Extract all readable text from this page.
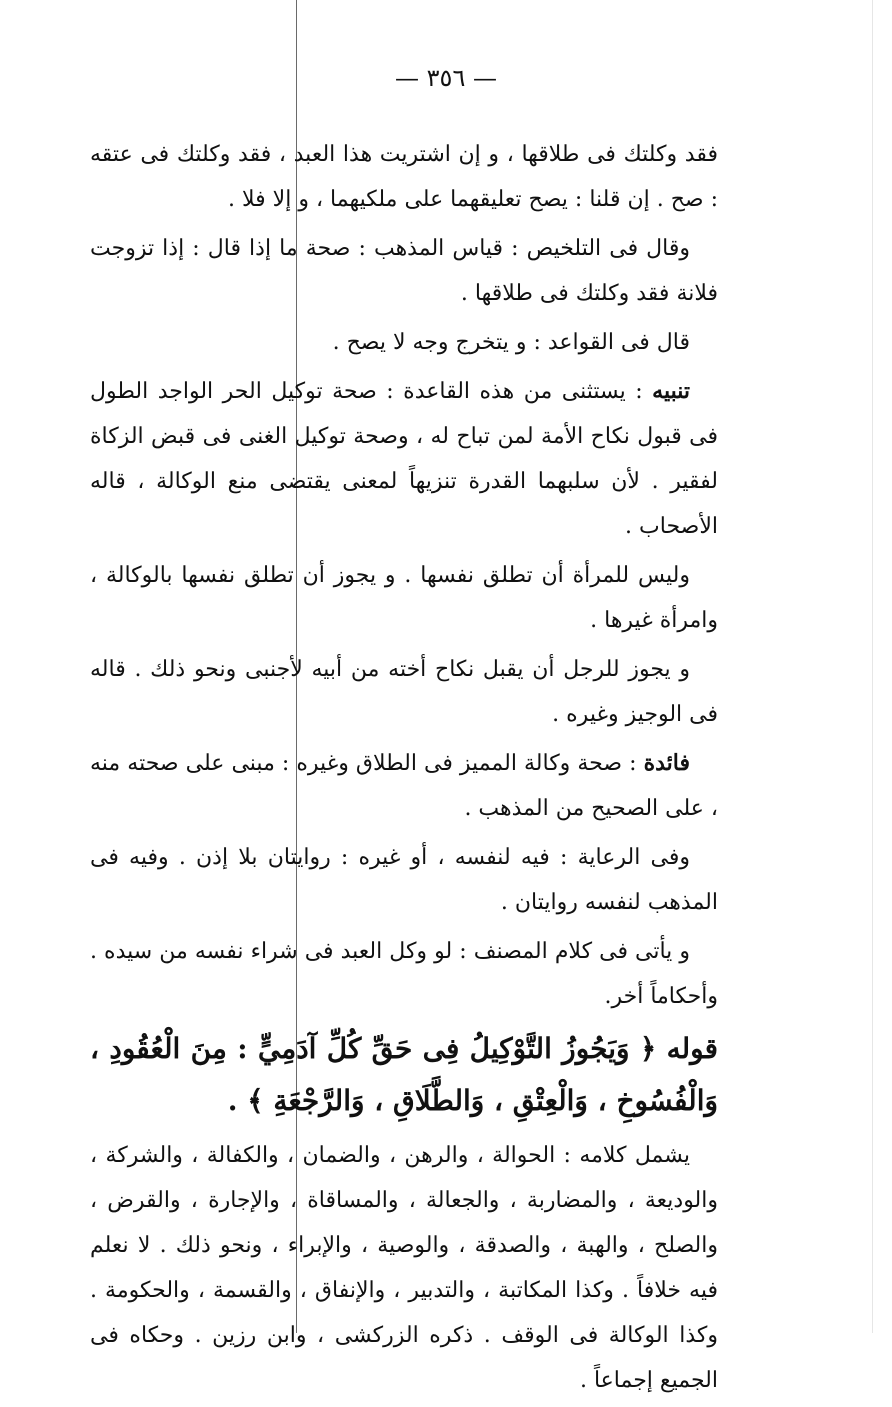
— ٣٥٦ —

فقد وكلتك فى طلاقها ، و إن اشتريت هذا العبد ، فقد وكلتك فى عتقه : صح . إن قلنا : يصح تعليقهما على ملكيهما ، و إلا فلا .

وقال فى التلخيص : قياس المذهب : صحة ما إذا قال : إذا تزوجت فلانة فقد وكلتك فى طلاقها .

قال فى القواعد : و يتخرج وجه لا يصح .

تنبيه : يستثنى من هذه القاعدة : صحة توكيل الحر الواجد الطول فى قبول نكاح الأمة لمن تباح له ، وصحة توكيل الغنى فى قبض الزكاة لفقير . لأن سلبهما القدرة تنزيهاً لمعنى يقتضى منع الوكالة ، قاله الأصحاب .

وليس للمرأة أن تطلق نفسها . و يجوز أن تطلق نفسها بالوكالة ، وامرأة غيرها .

و يجوز للرجل أن يقبل نكاح أخته من أبيه لأجنبى ونحو ذلك . قاله فى الوجيز وغيره .

فائدة : صحة وكالة المميز فى الطلاق وغيره : مبنى على صحته منه ، على الصحيح من المذهب .

وفى الرعاية : فيه لنفسه ، أو غيره : روايتان بلا إذن . وفيه فى المذهب لنفسه روايتان .

و يأتى فى كلام المصنف : لو وكل العبد فى شراء نفسه من سيده . وأحكاماً أخر.

قوله ﴿ وَيَجُوزُ التَّوْكِيلُ فِى حَقِّ كُلِّ آدَمِيٍّ : مِنَ الْعُقُودِ ، وَالْفُسُوخِ ، وَالْعِتْقِ ، وَالطَّلَاقِ ، وَالرَّجْعَةِ ﴾ .

يشمل كلامه : الحوالة ، والرهن ، والضمان ، والكفالة ، والشركة ، والوديعة ، والمضاربة ، والجعالة ، والمساقاة ، والإجارة ، والقرض ، والصلح ، والهبة ، والصدقة ، والوصية ، والإبراء ، ونحو ذلك . لا نعلم فيه خلافاً . وكذا المكاتبة ، والتدبير ، والإنفاق ، والقسمة ، والحكومة . وكذا الوكالة فى الوقف . ذكره الزركشى ، وابن رزين . وحكاه فى الجميع إجماعاً .
